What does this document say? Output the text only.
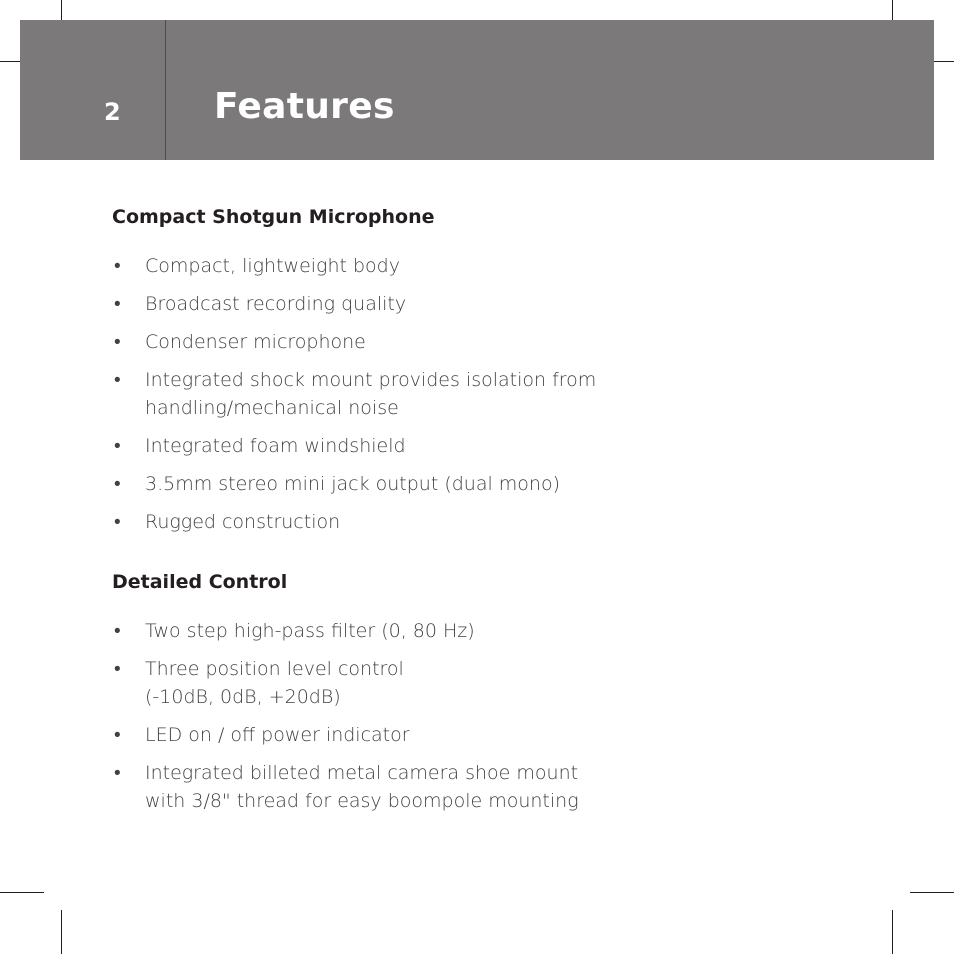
2	Features
Compact Shotgun Microphone
• Compact, lightweight body
• Broadcast recording quality
• Condenser microphone
• Integrated shock mount provides isolation from
handling/mechanical noise
• Integrated foam windshield
• 3.5mm stereo mini jack output (dual mono)
• Rugged construction
Detailed Control
• Two step high-pass filter (0, 80 Hz)
• Three position level control
(-10dB, 0dB, +20dB)
• LED on / off power indicator
• Integrated billeted metal camera shoe mount
with 3/8" thread for easy boompole mounting
